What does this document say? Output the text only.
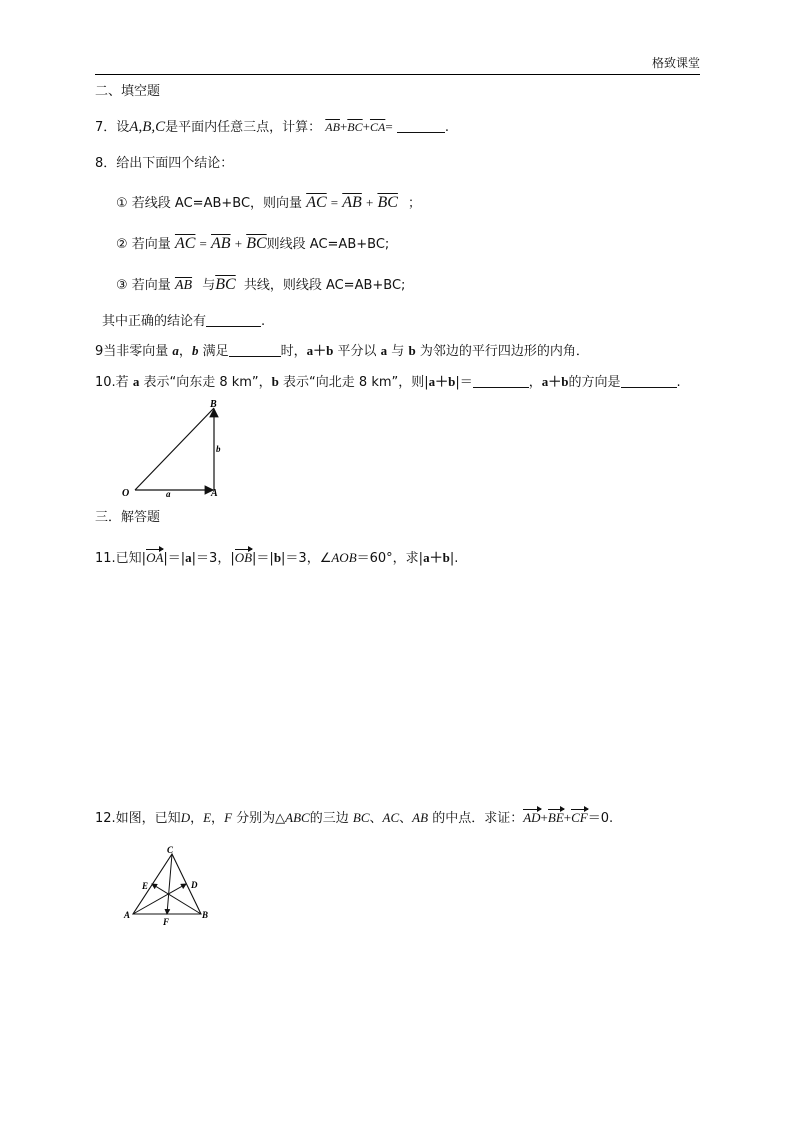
格致课堂
二、填空题
7．设A,B,C是平面内任意三点，计算： $\overline{AB}+\overline{BC}+\overline{CA}=$	.
8．给出下面四个结论：
① 若线段 AC=AB+BC，则向量 $\overline{AC} = \overline{AB} + \overline{BC}$ ；
② 若向量 $\overline{AC} = \overline{AB} + \overline{BC}$则线段 AC=AB+BC;
③ 若向量 $\overline{AB}$ 与$\overline{BC}$ 共线，则线段 AC=AB+BC;
其中正确的结论有	.
9当非零向量 a，b 满足	时，a＋b 平分以 a 与 b 为邻边的平行四边形的内角．
10.若 a 表示“向东走 8 km”，b 表示“向北走 8 km”，则|a＋b|＝	，a＋b的方向是	.
O	A
B
a
b
三．解答题
11.已知|OA|＝|a|＝3，|OB|＝|b|＝3，∠AOB＝60°，求|a＋b|.
12.如图，已知D，E，F 分别为△ABC的三边 BC、AC、AB 的中点．求证：AD+BE+CF＝0.
C
E	D
A	B
F
